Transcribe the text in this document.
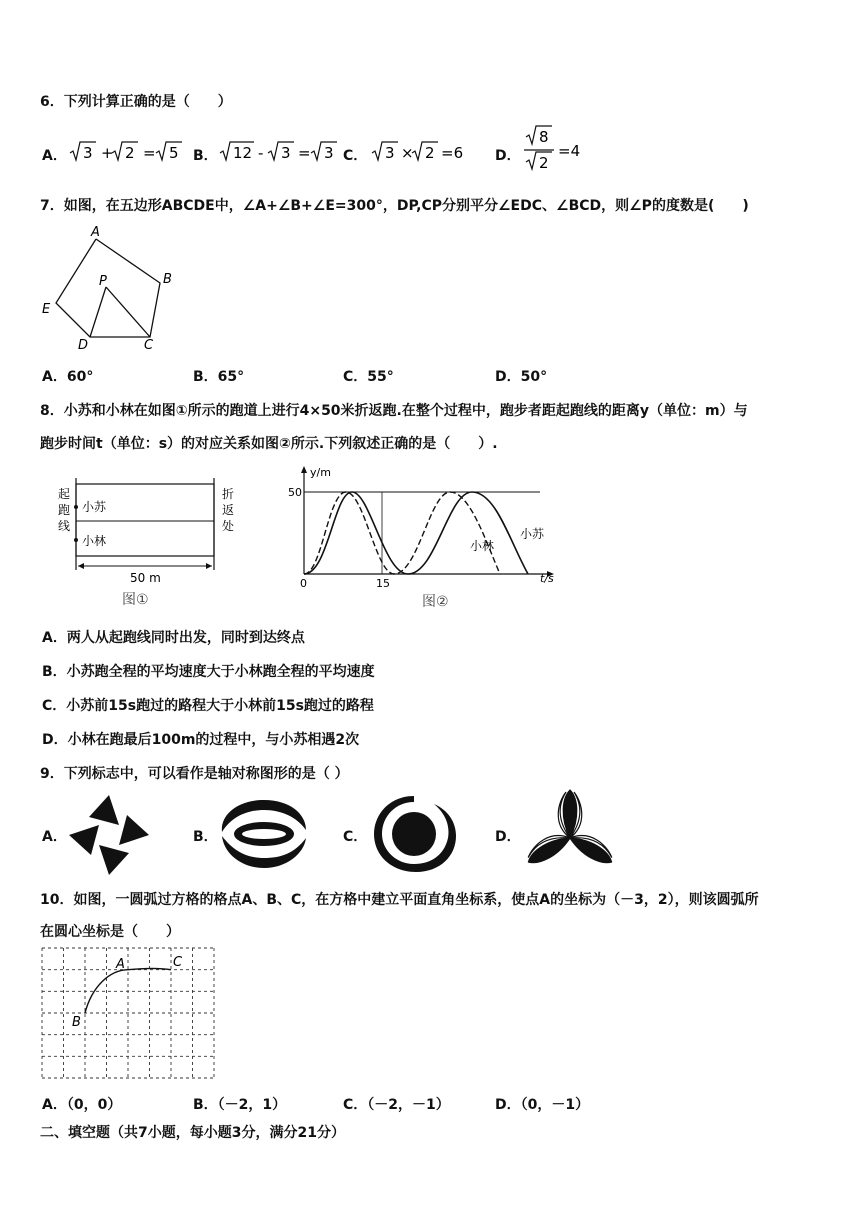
6．下列计算正确的是（　　）
A． 3 + 2 = 5 B． 12 - 3 = 3 C． 3 × 2 =6 D．
8
2
=4
7．如图，在五边形ABCDE中，∠A+∠B+∠E=300°，DP,CP分别平分∠EDC、∠BCD，则∠P的度数是(　　)
A
B
C
D
E
P
A．60°	B．65°	C．55°	D．50°
8．小苏和小林在如图①所示的跑道上进行4×50米折返跑.在整个过程中，跑步者距起跑线的距离y（单位：m）与
跑步时间t（单位：s）的对应关系如图②所示.下列叙述正确的是（　　）.
起
跑
线
折
返
处
小苏
小林
50 m
图①
y/m
t/s
50
0	15
小苏
小林
图②
A．两人从起跑线同时出发，同时到达终点
B．小苏跑全程的平均速度大于小林跑全程的平均速度
C．小苏前15s跑过的路程大于小林前15s跑过的路程
D．小林在跑最后100m的过程中，与小苏相遇2次
9．下列标志中，可以看作是轴对称图形的是（ ）
A．	B．	C．	D．
10．如图，一圆弧过方格的格点A、B、C，在方格中建立平面直角坐标系，使点A的坐标为（－3，2），则该圆弧所
在圆心坐标是（　　）
A
B
C
A．（0，0）	B．（－2，1）	C．（－2，－1）	D．（0，－1）
二、填空题（共7小题，每小题3分，满分21分）
